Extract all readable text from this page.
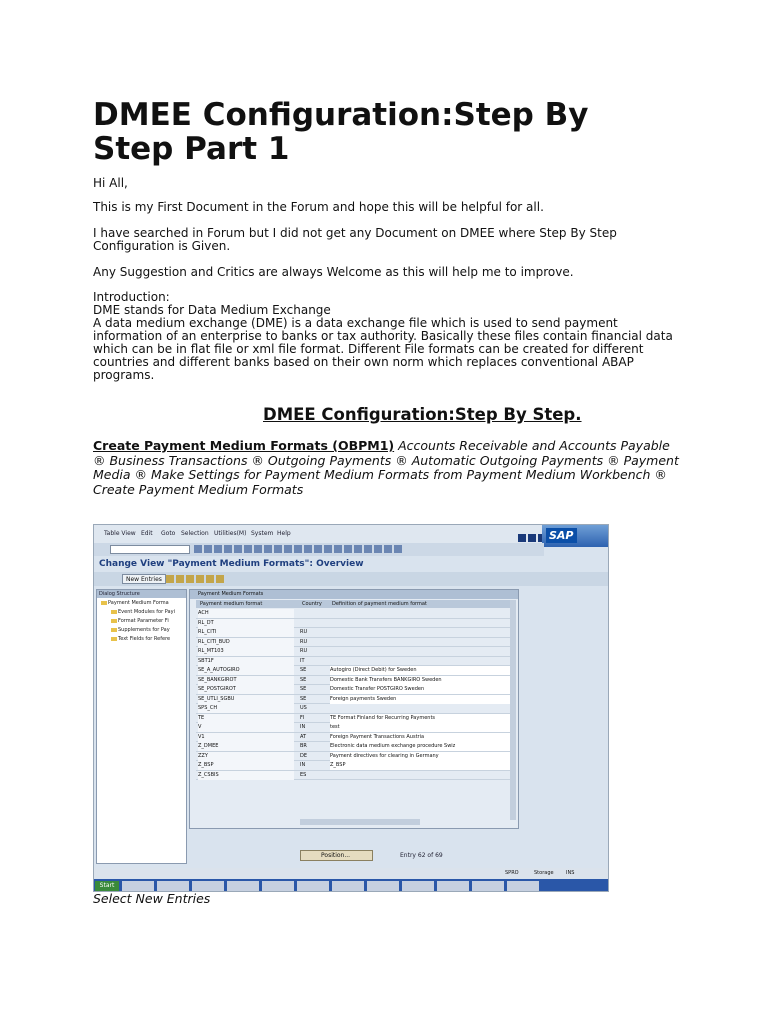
DMEE Configuration:Step By Step Part 1
Hi All,
This is my First Document in the Forum and hope this will be helpful for all.
I have searched in Forum but I did not get any Document on DMEE where Step By Step Configuration is Given.
Any Suggestion and Critics are always Welcome as this will help me to improve.
Introduction:
DME stands for Data Medium Exchange
A data medium exchange (DME) is a data exchange file which is used to send payment information of an enterprise to banks or tax authority. Basically these files contain financial data which can be in flat file or xml file format. Different File formats can be created for different countries and different banks based on their own norm which replaces conventional ABAP programs.
DMEE Configuration:Step By Step.
Create Payment Medium Formats (OBPM1) Accounts Receivable and Accounts Payable ® Business Transactions ® Outgoing Payments ® Automatic Outgoing Payments ® Payment Media ® Make Settings for Payment Medium Formats from Payment Medium Workbench ® Create Payment Medium Formats
Table View Edit Goto Selection Utilities(M) System Help	SAP
Change View "Payment Medium Formats": Overview
New Entries
Dialog Structure
Payment Medium Forma
Event Modules for Payi
Format Parameter Fi
Supplements for Pay
Text Fields for Refere
Payment Medium Formats
Payment medium format	Country Definition of payment medium format
ACH
RL_DT
RL_CITI	RU
RL_CITI_BUD	RU
RL_MT103	RU
SBT1F	IT
SE_A_AUTOGIRO	SE	Autogiro (Direct Debit) for Sweden
SE_BANKGIROT	SE	Domestic Bank Transfers BANKGIRO Sweden
SE_POSTGIROT	SE	Domestic Transfer POSTGIRO Sweden
SE_UTLI_SGBU	SE	Foreign payments Sweden
SPS_CH	US
TE	FI	TE Format Finland for Recurring Payments
V	IN	test
V1	AT	Foreign Payment Transactions Austria
Z_DMEE	BR	Electronic data medium exchange procedure Swiz
ZZY	DE	Payment directives for clearing in Germany
Z_BSP	IN	Z_BSP
Z_CSBIS	ES
Position...	Entry 62 of 69
SPRO	Storage INS
Start
Select New Entries
